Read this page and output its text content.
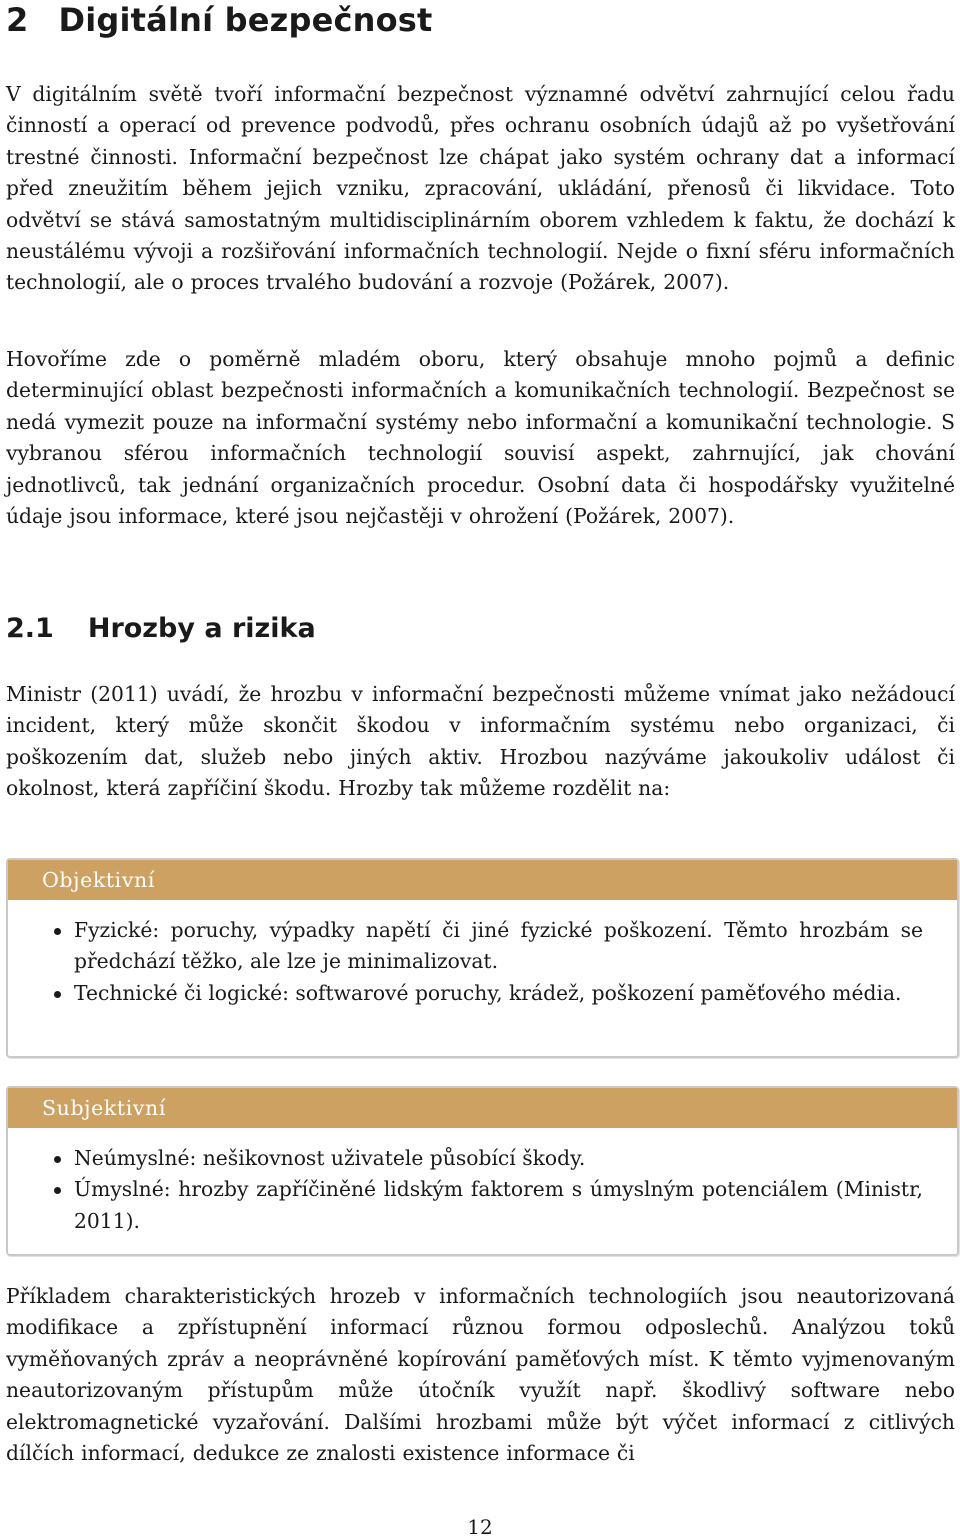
2 Digitální bezpečnost

V digitálním světě tvoří informační bezpečnost významné odvětví zahrnující celou řadu činností a operací od prevence podvodů, přes ochranu osobních údajů až po vyšetřování trestné činnosti. Informační bezpečnost lze chápat jako systém ochrany dat a informací před zneužitím během jejich vzniku, zpracování, ukládání, přenosů či likvidace. Toto odvětví se stává samostatným multidisciplinárním oborem vzhledem k faktu, že dochází k neustálému vývoji a rozšiřování informačních technologií. Nejde o fixní sféru informačních technologií, ale o proces trvalého budování a rozvoje (Požárek, 2007).

Hovoříme zde o poměrně mladém oboru, který obsahuje mnoho pojmů a definic determinující oblast bezpečnosti informačních a komunikačních technologií. Bezpečnost se nedá vymezit pouze na informační systémy nebo informační a komunikační technologie. S vybranou sférou informačních technologií souvisí aspekt, zahrnující, jak chování jednotlivců, tak jednání organizačních procedur. Osobní data či hospodářsky využitelné údaje jsou informace, které jsou nejčastěji v ohrožení (Požárek, 2007).

2.1 Hrozby a rizika

Ministr (2011) uvádí, že hrozbu v informační bezpečnosti můžeme vnímat jako nežádoucí incident, který může skončit škodou v informačním systému nebo organizaci, či poškozením dat, služeb nebo jiných aktiv. Hrozbou nazýváme jakoukoliv událost či okolnost, která zapříčiní škodu. Hrozby tak můžeme rozdělit na:

Objektivní
Fyzické: poruchy, výpadky napětí či jiné fyzické poškození. Těmto hrozbám se předchází těžko, ale lze je minimalizovat.
Technické či logické: softwarové poruchy, krádež, poškození paměťového média.
Subjektivní
Neúmyslné: nešikovnost uživatele působící škody.
Úmyslné: hrozby zapříčiněné lidským faktorem s úmyslným potenciálem (Ministr, 2011).

Příkladem charakteristických hrozeb v informačních technologiích jsou neautorizovaná modifikace a zpřístupnění informací různou formou odposlechů. Analýzou toků vyměňovaných zpráv a neoprávněné kopírování paměťových míst. K těmto vyjmenovaným neautorizovaným přístupům může útočník využít např. škodlivý software nebo elektromagnetické vyzařování. Dalšími hrozbami může být výčet informací z citlivých dílčích informací, dedukce ze znalosti existence informace či

12
